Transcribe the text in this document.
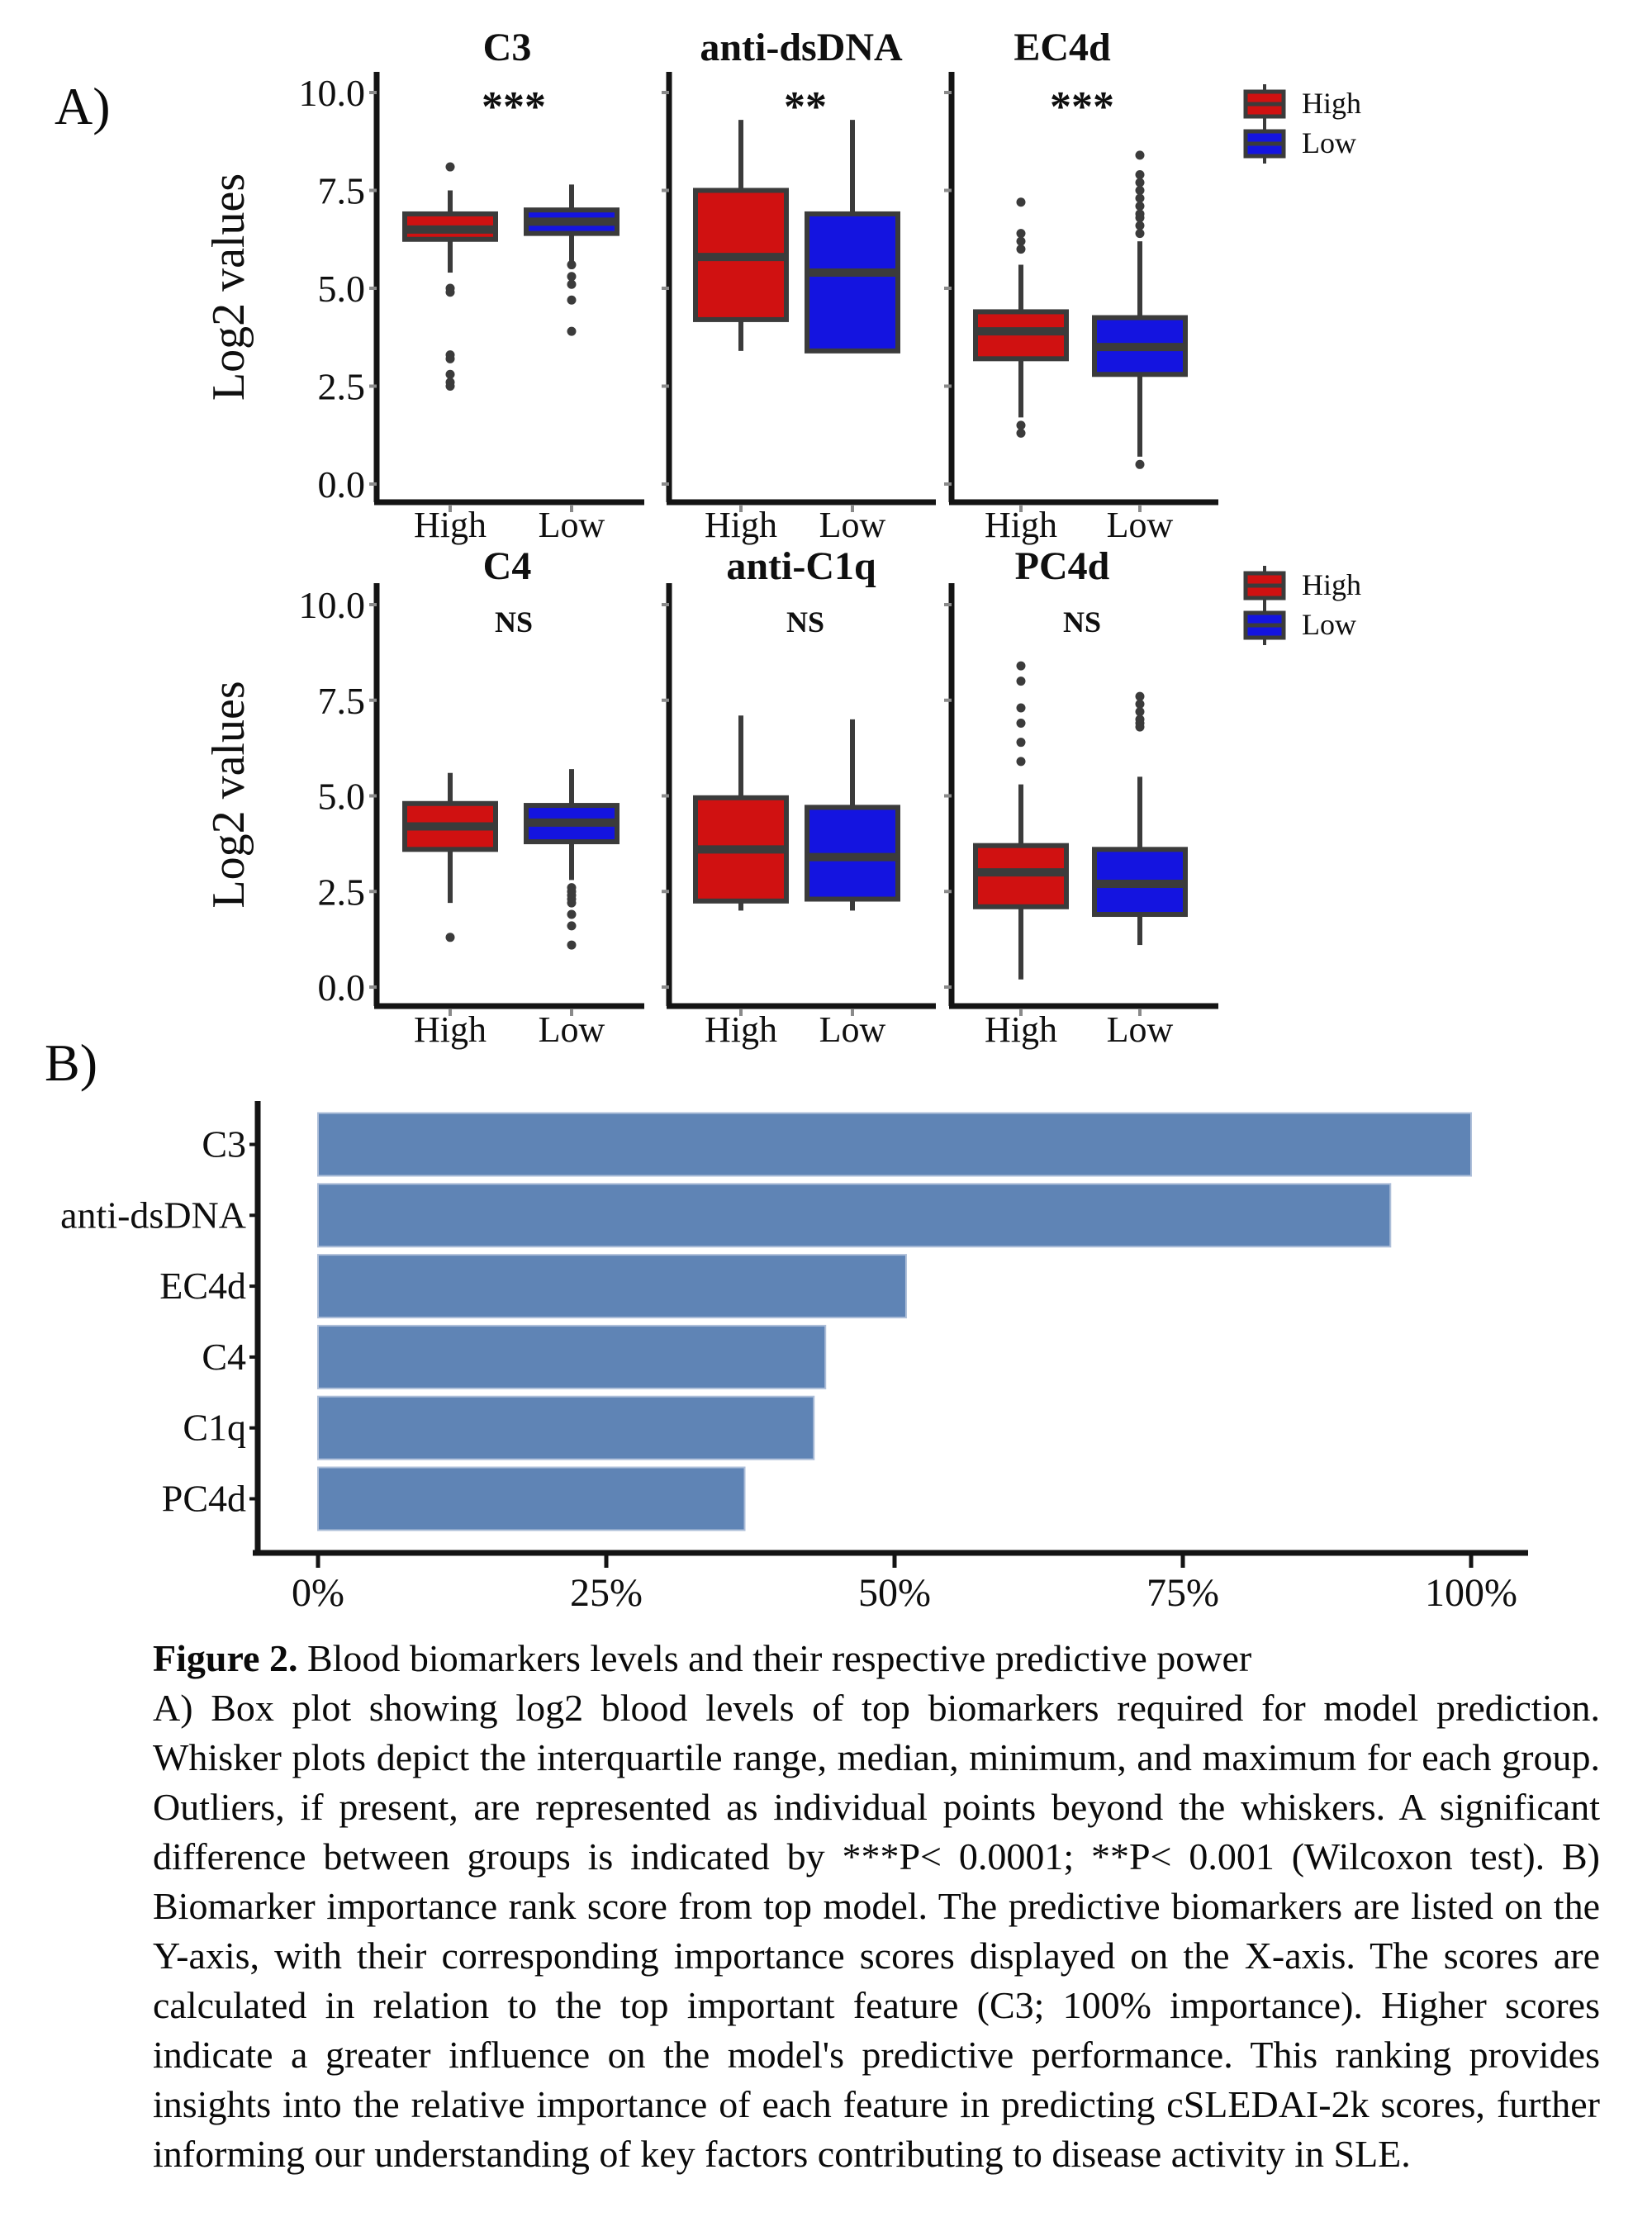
A)
B)
Log2 values
10.0
7.5
5.0
2.5
0.0
C3
***
High Low
anti-dsDNA
**
High Low
EC4d
***
High Low
High
Low
Log2 values
10.0
7.5
5.0
2.5
0.0
C4
NS
High Low
anti-C1q
NS
High Low
PC4d
NS
High Low
High
Low
C3
anti-dsDNA
EC4d
C4
C1q
PC4d
0%	25%	50%	75%	100%

Figure 2. Blood biomarkers levels and their respective predictive power

A) Box plot showing log2 blood levels of top biomarkers required for model prediction. Whisker plots depict the interquartile range, median, minimum, and maximum for each group. Outliers, if present, are represented as individual points beyond the whiskers. A significant difference between groups is indicated by ***P< 0.0001; **P< 0.001 (Wilcoxon test). B) Biomarker importance rank score from top model. The predictive biomarkers are listed on the Y-axis, with their corresponding importance scores displayed on the X-axis. The scores are calculated in relation to the top important feature (C3; 100% importance). Higher scores indicate a greater influence on the model's predictive performance. This ranking provides insights into the relative importance of each feature in predicting cSLEDAI-2k scores, further informing our understanding of key factors contributing to disease activity in SLE.
